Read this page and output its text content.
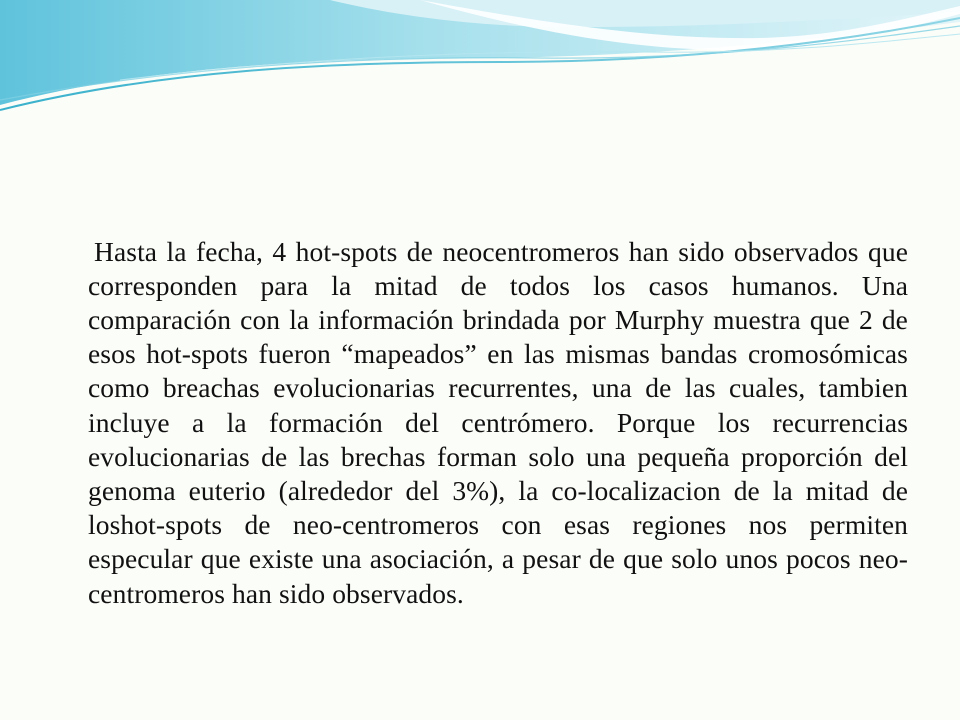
Hasta la fecha, 4 hot-spots de neocentromeros han sido observados que corresponden para la mitad de todos los casos humanos. Una comparación con la información brindada por Murphy muestra que 2 de esos hot-spots fueron “mapeados” en las mismas bandas cromosómicas como breachas evolucionarias recurrentes, una de las cuales, tambien incluye a la formación del centrómero. Porque los recurrencias evolucionarias de las brechas forman solo una pequeña proporción del genoma euterio (alrededor del 3%), la co-localizacion de la mitad de loshot-spots de neo-centromeros con esas regiones nos permiten especular que existe una asociación, a pesar de que solo unos pocos neo-centromeros han sido observados.
